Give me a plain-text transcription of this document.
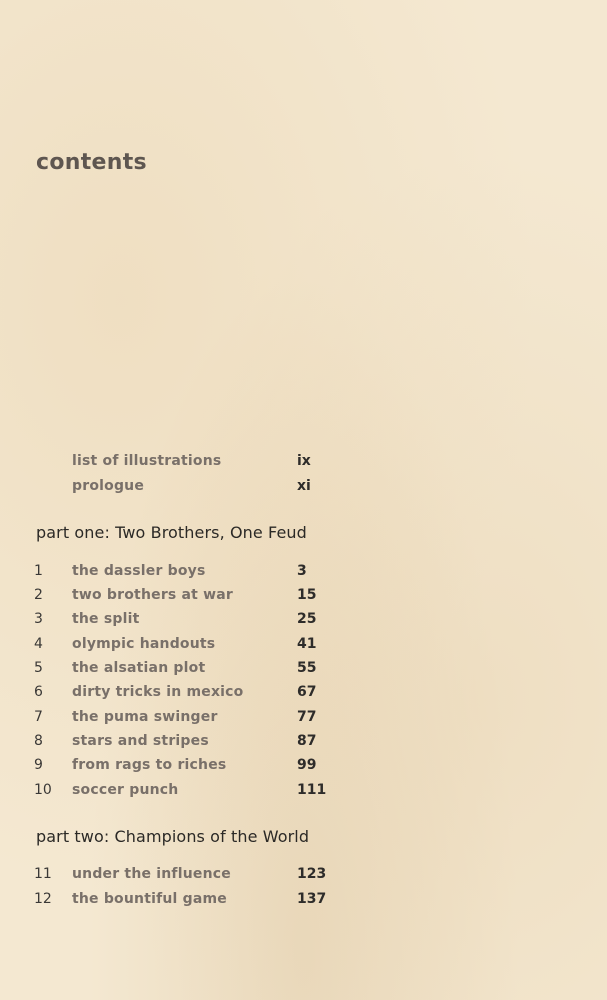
contents
list of illustrations	ix
prologue	xi
part one: Two Brothers, One Feud
1	the dassler boys	3
2	two brothers at war	15
3	the split	25
4	olympic handouts	41
5	the alsatian plot	55
6	dirty tricks in mexico	67
7	the puma swinger	77
8	stars and stripes	87
9	from rags to riches	99
10 soccer punch	111
part two: Champions of the World
11 under the influence	123
12 the bountiful game	137
